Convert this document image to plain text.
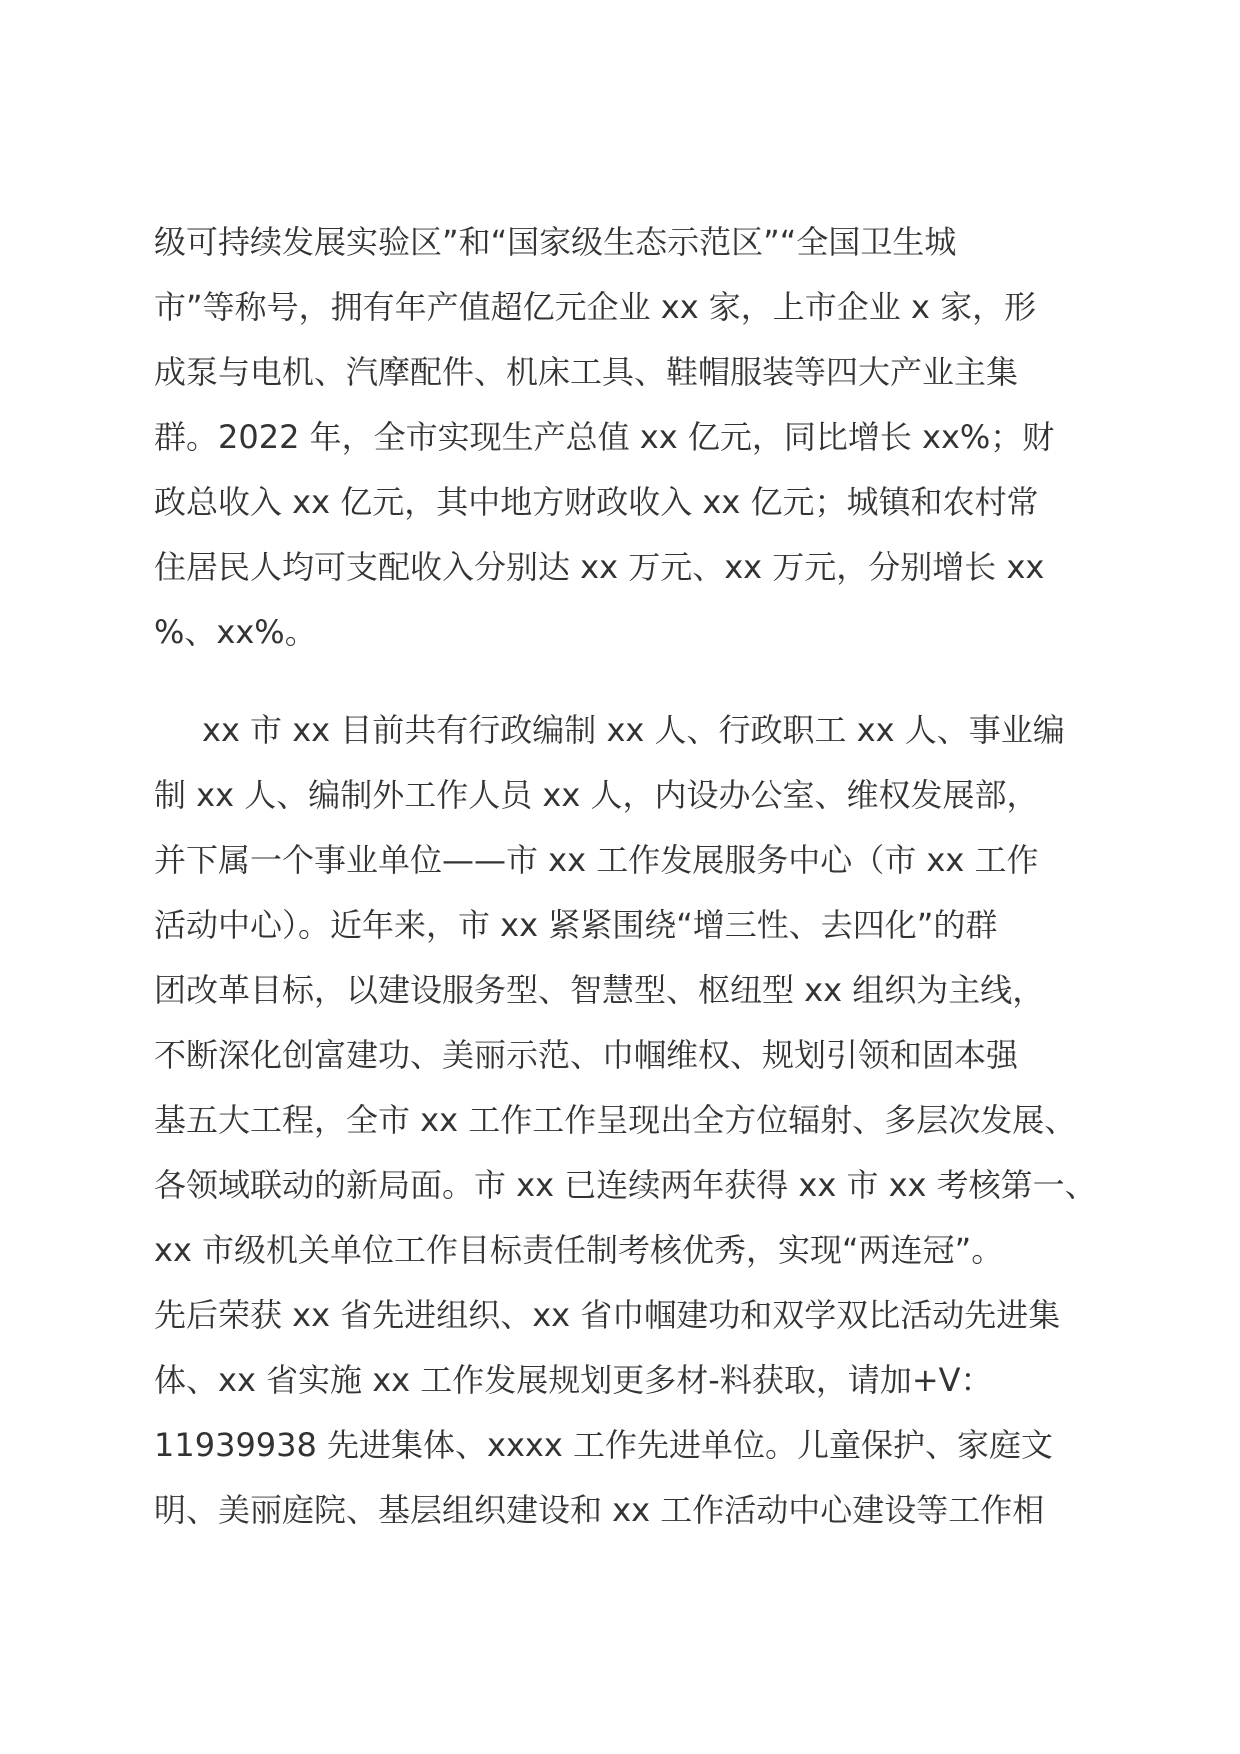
级可持续发展实验区”和“国家级生态示范区”“全国卫生城
市”等称号，拥有年产值超亿元企业 xx 家，上市企业 x 家，形
成泵与电机、汽摩配件、机床工具、鞋帽服装等四大产业主集
群。2022 年，全市实现生产总值 xx 亿元，同比增长 xx%；财
政总收入 xx 亿元，其中地方财政收入 xx 亿元；城镇和农村常
住居民人均可支配收入分别达 xx 万元、xx 万元，分别增长 xx
%、xx%。
xx 市 xx 目前共有行政编制 xx 人、行政职工 xx 人、事业编
制 xx 人、编制外工作人员 xx 人，内设办公室、维权发展部，
并下属一个事业单位——市 xx 工作发展服务中心（市 xx 工作
活动中心）。近年来，市 xx 紧紧围绕“增三性、去四化”的群
团改革目标，以建设服务型、智慧型、枢纽型 xx 组织为主线，
不断深化创富建功、美丽示范、巾帼维权、规划引领和固本强
基五大工程，全市 xx 工作工作呈现出全方位辐射、多层次发展、
各领域联动的新局面。市 xx 已连续两年获得 xx 市 xx 考核第一、
xx 市级机关单位工作目标责任制考核优秀，实现“两连冠”。
先后荣获 xx 省先进组织、xx 省巾帼建功和双学双比活动先进集
体、xx 省实施 xx 工作发展规划更多材-料获取，请加+V：
11939938 先进集体、xxxx 工作先进单位。儿童保护、家庭文
明、美丽庭院、基层组织建设和 xx 工作活动中心建设等工作相
